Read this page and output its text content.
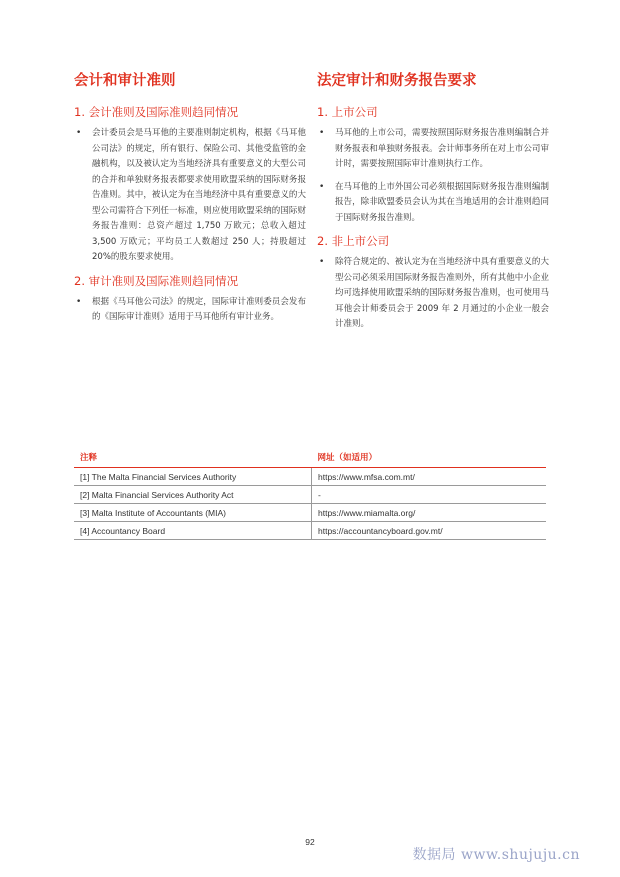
会计和审计准则
1. 会计准则及国际准则趋同情况
• 会计委员会是马耳他的主要准则制定机构，根据《马耳他公司法》的规定，所有银行、保险公司、其他受监管的金融机构，以及被认定为当地经济具有重要意义的大型公司的合并和单独财务报表都要求使用欧盟采纳的国际财务报告准则。其中，被认定为在当地经济中具有重要意义的大型公司需符合下列任一标准，则应使用欧盟采纳的国际财务报告准则：总资产超过 1,750 万欧元；总收入超过 3,500 万欧元；平均员工人数超过 250 人；持股超过 20%的股东要求使用。
2. 审计准则及国际准则趋同情况
• 根据《马耳他公司法》的规定，国际审计准则委员会发布的《国际审计准则》适用于马耳他所有审计业务。
法定审计和财务报告要求
1. 上市公司
• 马耳他的上市公司，需要按照国际财务报告准则编制合并财务报表和单独财务报表。会计师事务所在对上市公司审计时，需要按照国际审计准则执行工作。
• 在马耳他的上市外国公司必须根据国际财务报告准则编制报告，除非欧盟委员会认为其在当地适用的会计准则趋同于国际财务报告准则。
2. 非上市公司
• 除符合规定的、被认定为在当地经济中具有重要意义的大型公司必须采用国际财务报告准则外，所有其他中小企业均可选择使用欧盟采纳的国际财务报告准则，也可使用马耳他会计师委员会于 2009 年 2 月通过的小企业一般会计准则。
注释	网址（如适用）
[1] The Malta Financial Services Authority	https://www.mfsa.com.mt/
[2] Malta Financial Services Authority Act	-
[3] Malta Institute of Accountants (MIA)	https://www.miamalta.org/
[4] Accountancy Board	https://accountancyboard.gov.mt/
92
数据局 www.shujuju.cn
